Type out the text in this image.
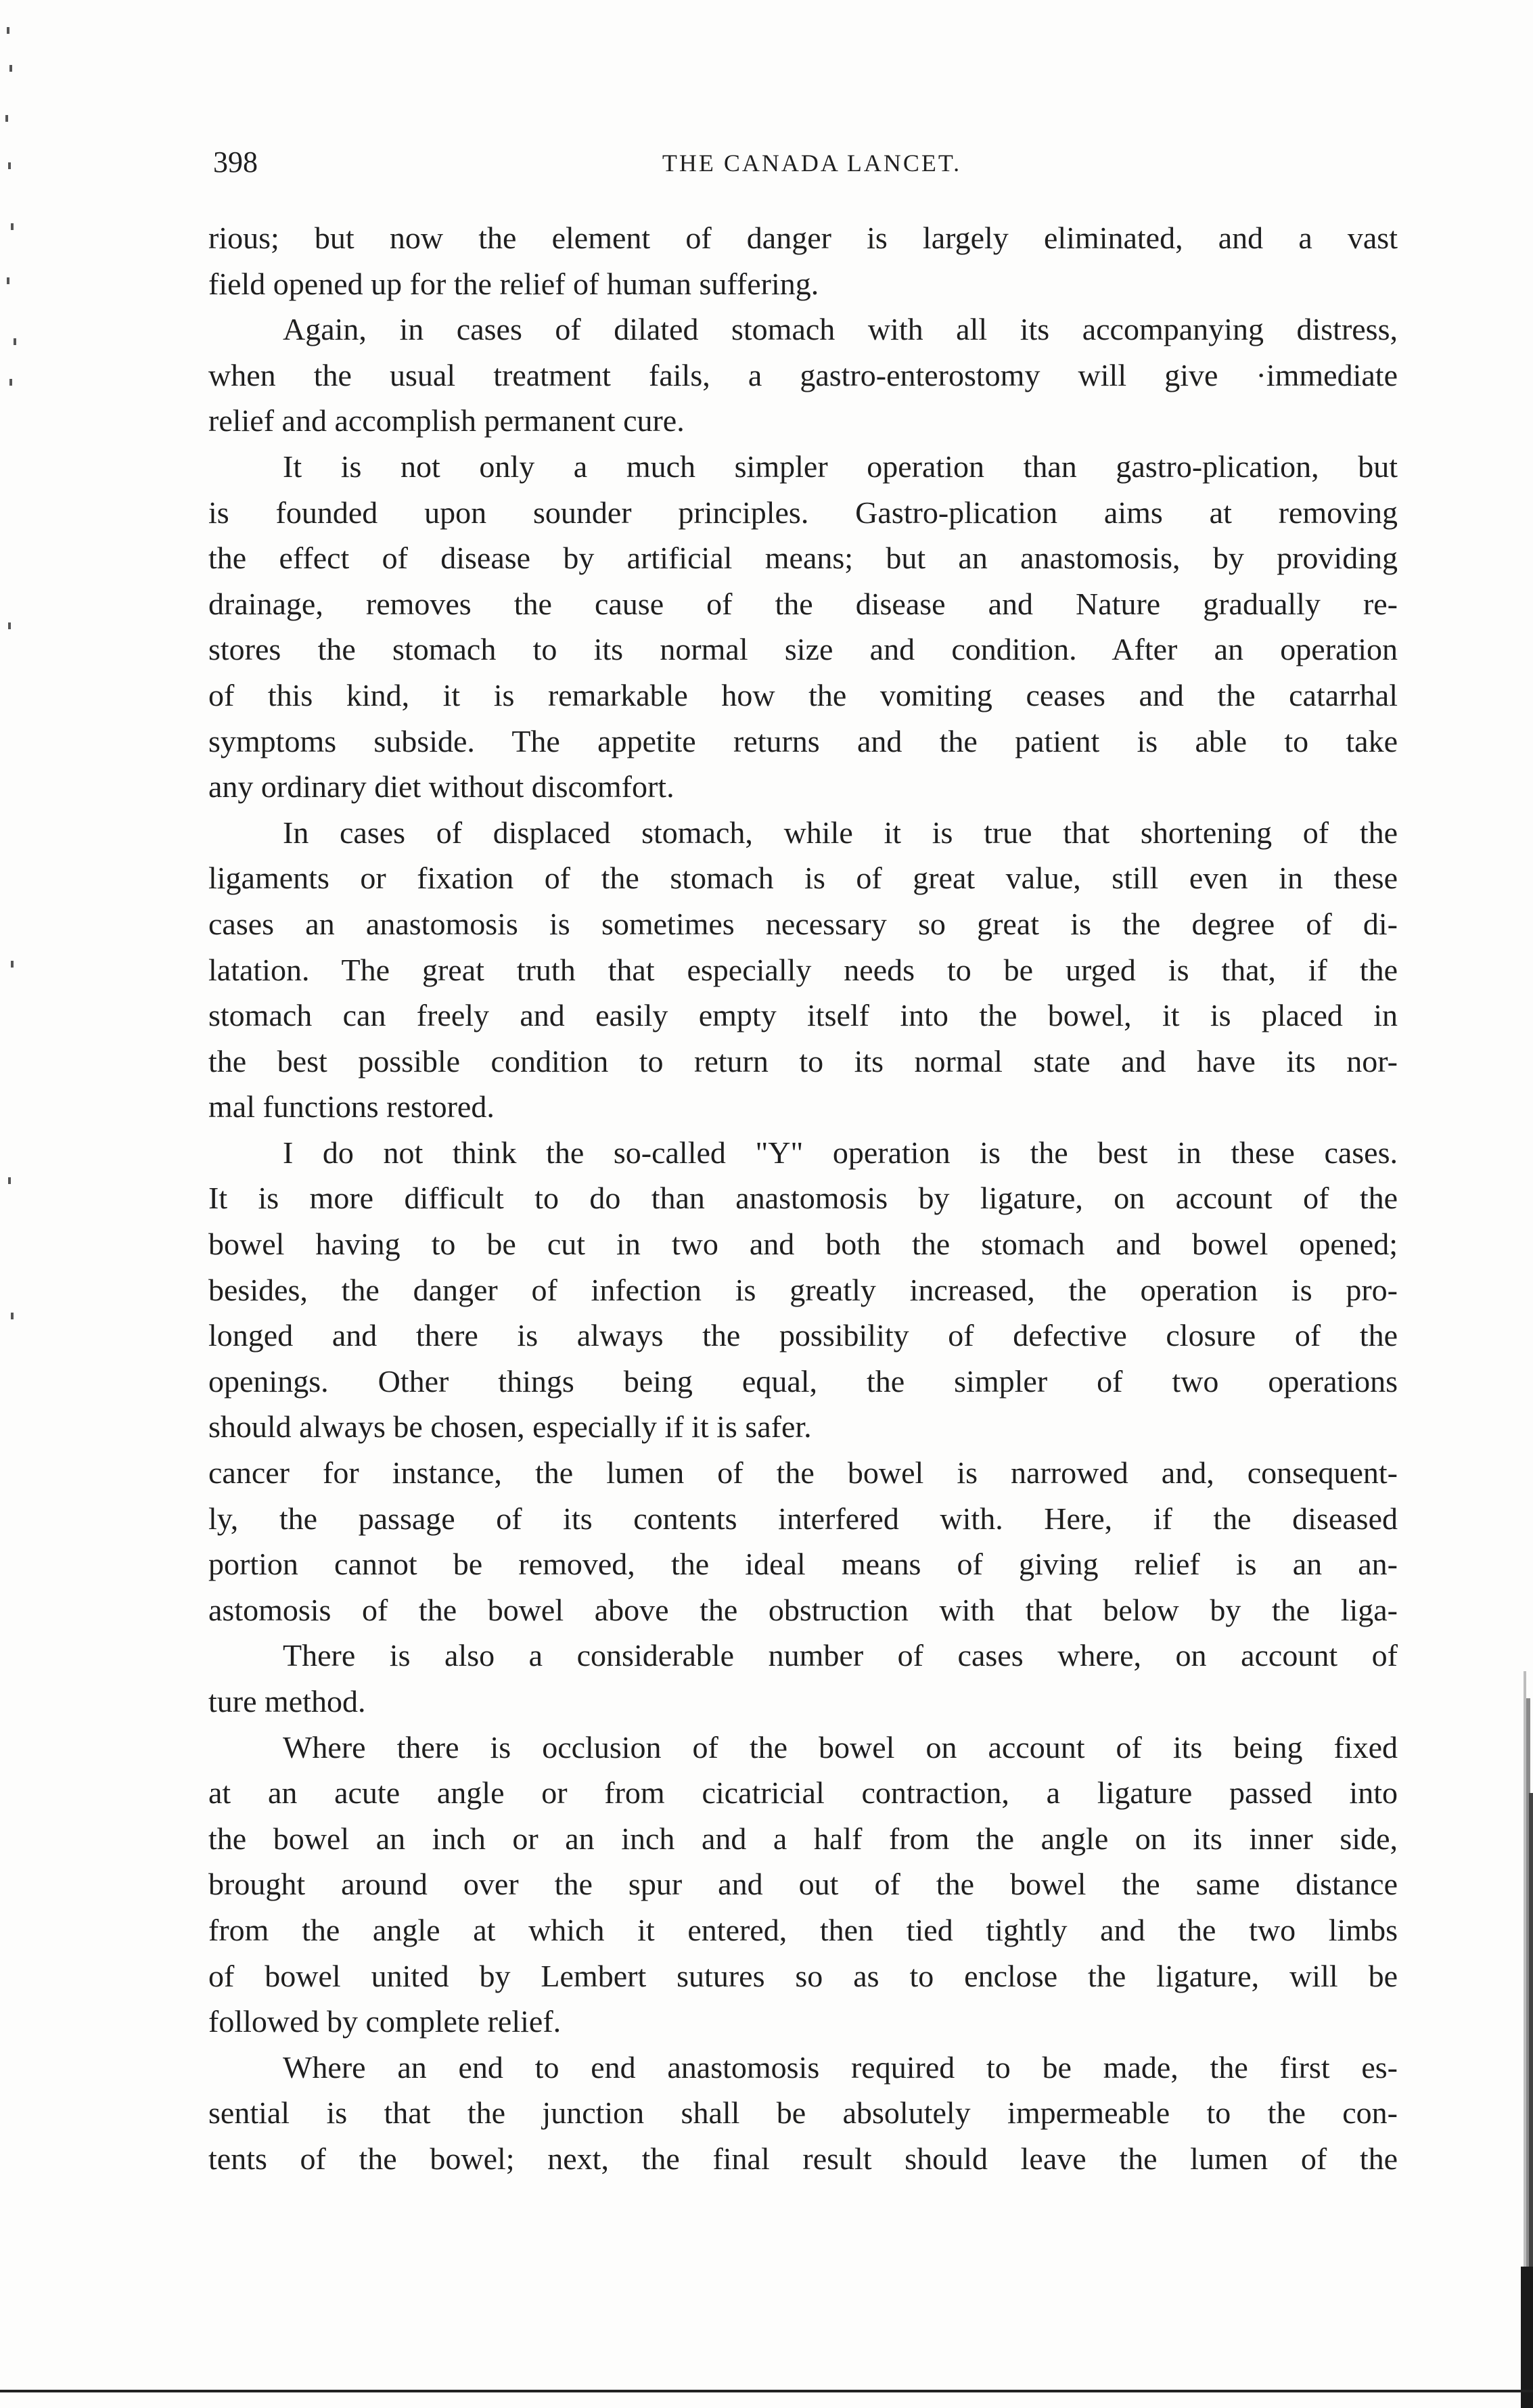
398	THE CANADA LANCET.
rious; but now the element of danger is largely eliminated, and a vast
field opened up for the relief of human suffering.
Again, in cases of dilated stomach with all its accompanying distress,
when the usual treatment fails, a gastro-enterostomy will give ·immediate
relief and accomplish permanent cure.
It is not only a much simpler operation than gastro-plication, but
is founded upon sounder principles. Gastro-plication aims at removing
the effect of disease by artificial means; but an anastomosis, by providing
drainage, removes the cause of the disease and Nature gradually re-
stores the stomach to its normal size and condition. After an operation
of this kind, it is remarkable how the vomiting ceases and the catarrhal
symptoms subside. The appetite returns and the patient is able to take
any ordinary diet without discomfort.
In cases of displaced stomach, while it is true that shortening of the
ligaments or fixation of the stomach is of great value, still even in these
cases an anastomosis is sometimes necessary so great is the degree of di-
latation. The great truth that especially needs to be urged is that, if the
stomach can freely and easily empty itself into the bowel, it is placed in
the best possible condition to return to its normal state and have its nor-
mal functions restored.
I do not think the so-called "Y" operation is the best in these cases.
It is more difficult to do than anastomosis by ligature, on account of the
bowel having to be cut in two and both the stomach and bowel opened;
besides, the danger of infection is greatly increased, the operation is pro-
longed and there is always the possibility of defective closure of the
openings. Other things being equal, the simpler of two operations
should always be chosen, especially if it is safer.
cancer for instance, the lumen of the bowel is narrowed and, consequent-
ly, the passage of its contents interfered with. Here, if the diseased
portion cannot be removed, the ideal means of giving relief is an an-
astomosis of the bowel above the obstruction with that below by the liga-
There is also a considerable number of cases where, on account of
ture method.
Where there is occlusion of the bowel on account of its being fixed
at an acute angle or from cicatricial contraction, a ligature passed into
the bowel an inch or an inch and a half from the angle on its inner side,
brought around over the spur and out of the bowel the same distance
from the angle at which it entered, then tied tightly and the two limbs
of bowel united by Lembert sutures so as to enclose the ligature, will be
followed by complete relief.
Where an end to end anastomosis required to be made, the first es-
sential is that the junction shall be absolutely impermeable to the con-
tents of the bowel; next, the final result should leave the lumen of the
